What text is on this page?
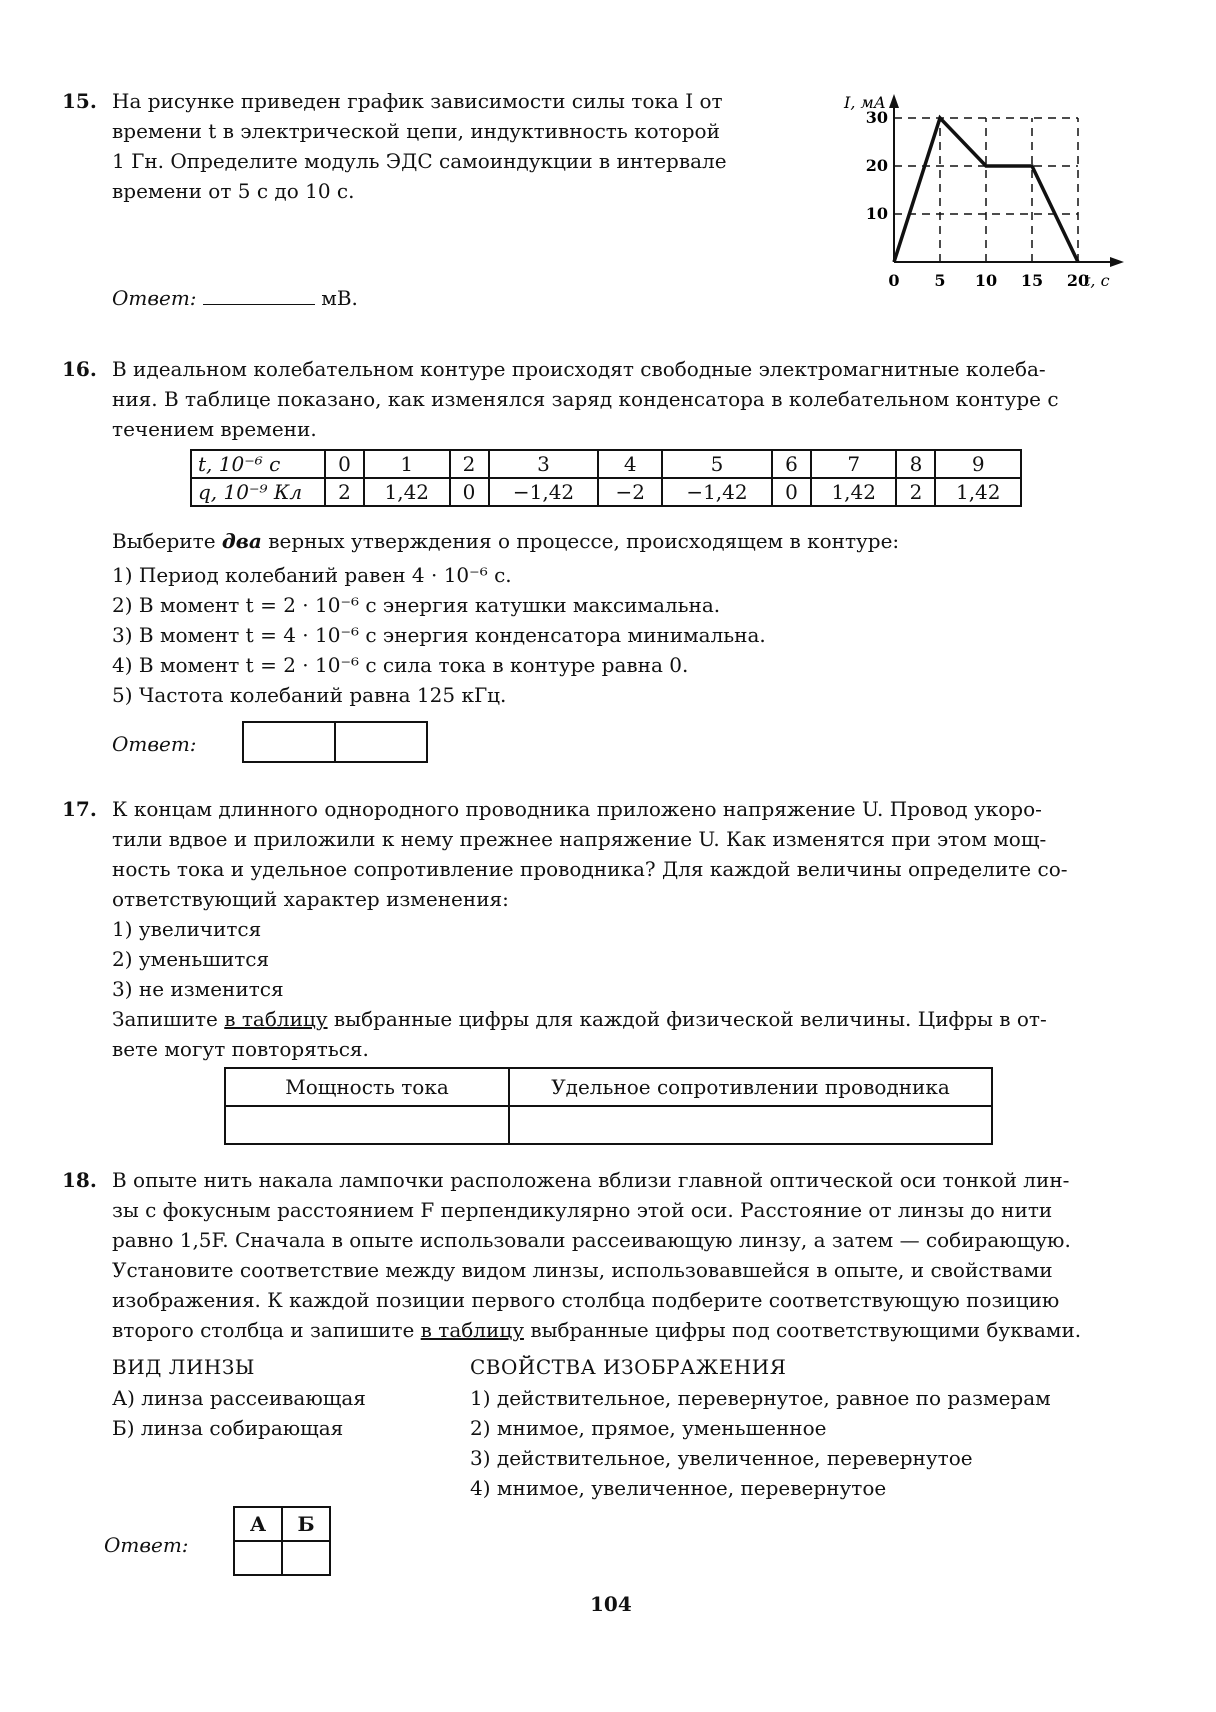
15. На рисунке приведен график зависимости силы тока I от
времени t в электрической цепи, индуктивность которой
1 Гн. Определите модуль ЭДС самоиндукции в интервале
времени от 5 с до 10 с.
Ответ:	мВ.
0 5 10 15 20
10
20
30
I, мА
t, с
16. В идеальном колебательном контуре происходят свободные электромагнитные колеба-
ния. В таблице показано, как изменялся заряд конденсатора в колебательном контуре с
течением времени.
t, 10⁻⁶ с	0	1	2	3	4	5	6	7	8	9
q, 10⁻⁹ Кл	2	1,42	0	−1,42	−2	−1,42	0	1,42	2	1,42
Выберите два верных утверждения о процессе, происходящем в контуре:
1) Период колебаний равен 4 · 10⁻⁶ с.
2) В момент t = 2 · 10⁻⁶ с энергия катушки максимальна.
3) В момент t = 4 · 10⁻⁶ с энергия конденсатора минимальна.
4) В момент t = 2 · 10⁻⁶ с сила тока в контуре равна 0.
5) Частота колебаний равна 125 кГц.
Ответ:

17. К концам длинного однородного проводника приложено напряжение U. Провод укоро-
тили вдвое и приложили к нему прежнее напряжение U. Как изменятся при этом мощ-
ность тока и удельное сопротивление проводника? Для каждой величины определите со-
ответствующий характер изменения:
1) увеличится
2) уменьшится
3) не изменится
Запишите в таблицу выбранные цифры для каждой физической величины. Цифры в от-
вете могут повторяться.
Мощность тока	Удельное сопротивлении проводника

18. В опыте нить накала лампочки расположена вблизи главной оптической оси тонкой лин-
зы с фокусным расстоянием F перпендикулярно этой оси. Расстояние от линзы до нити
равно 1,5F. Сначала в опыте использовали рассеивающую линзу, а затем — собирающую.
Установите соответствие между видом линзы, использовавшейся в опыте, и свойствами
изображения. К каждой позиции первого столбца подберите соответствующую позицию
второго столбца и запишите в таблицу выбранные цифры под соответствующими буквами.
ВИД ЛИНЗЫ
А) линза рассеивающая
Б) линза собирающая
СВОЙСТВА ИЗОБРАЖЕНИЯ
1) действительное, перевернутое, равное по размерам
2) мнимое, прямое, уменьшенное
3) действительное, увеличенное, перевернутое
4) мнимое, увеличенное, перевернутое
Ответ:
А	Б

104
